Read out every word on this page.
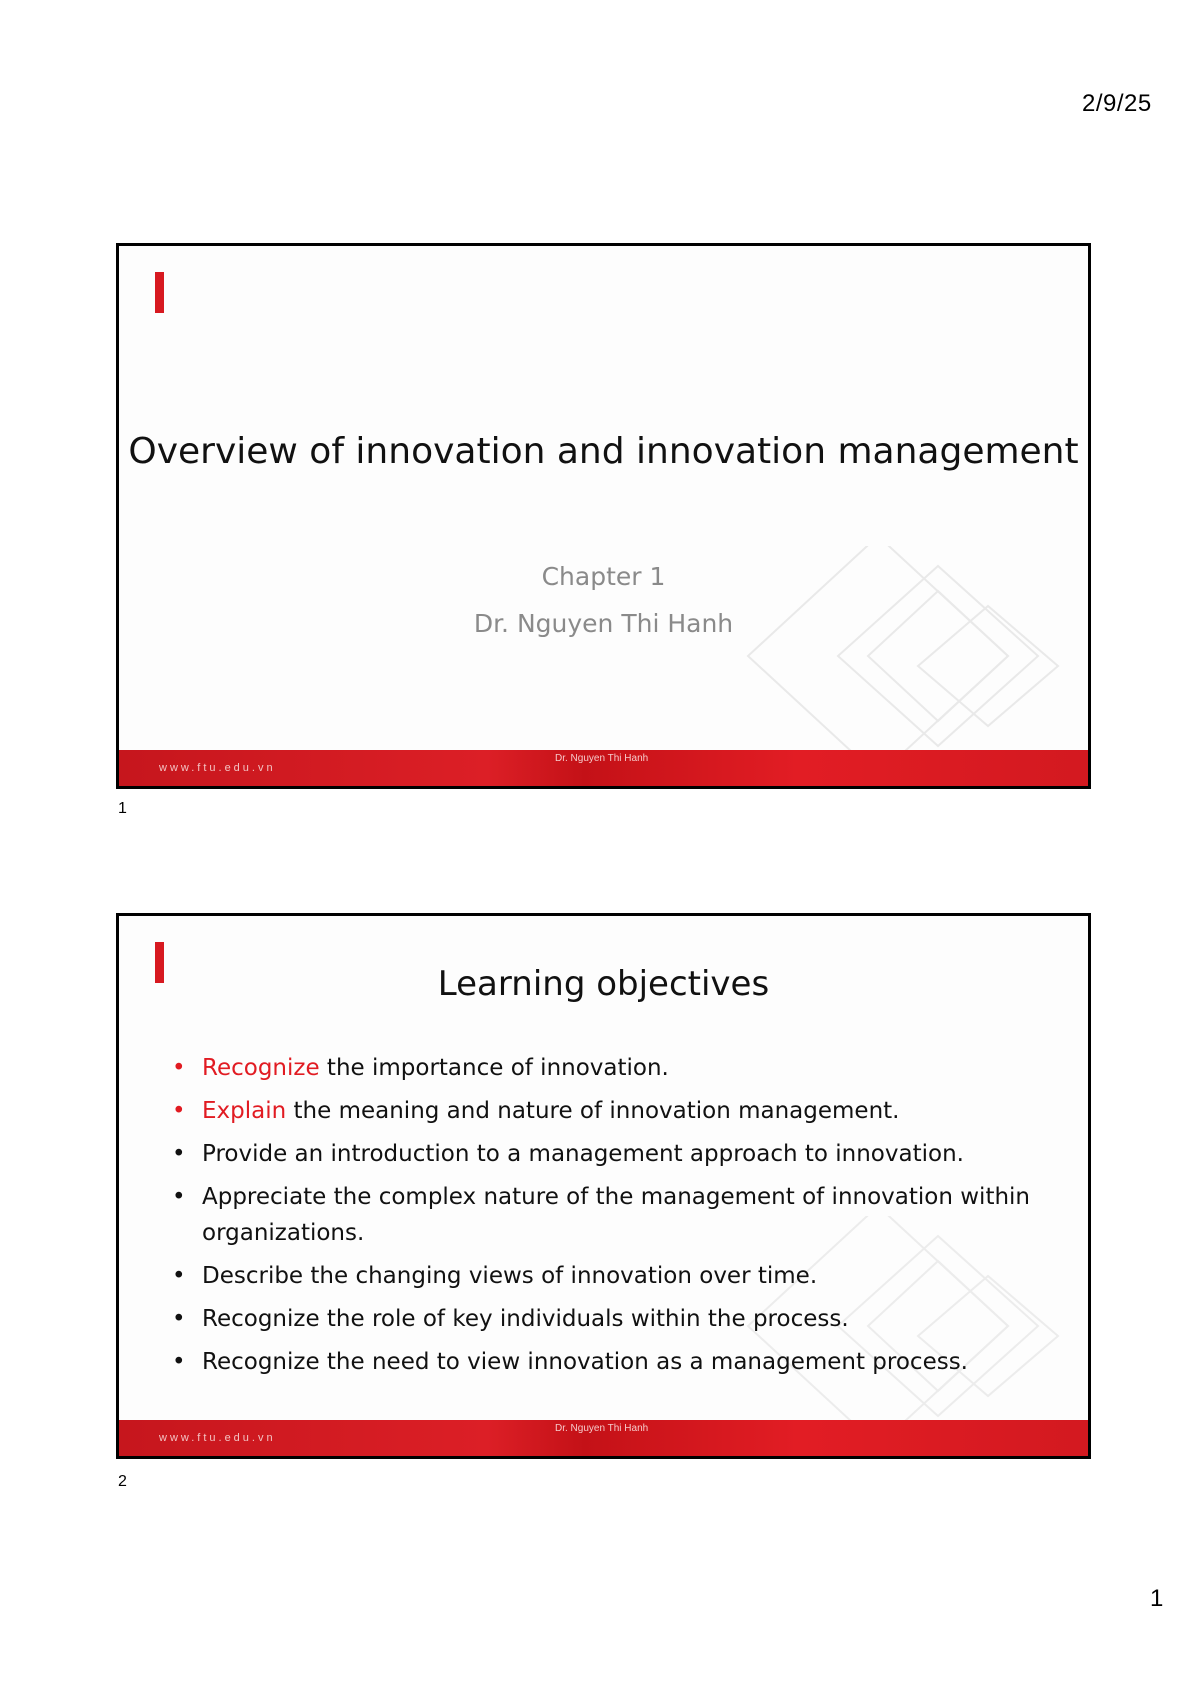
2/9/25
Overview of innovation and innovation management
Chapter 1
Dr. Nguyen Thi Hanh
www.ftu.edu.vn
Dr. Nguyen Thi Hanh
1
Learning objectives
• Recognize the importance of innovation.
• Explain the meaning and nature of innovation management.
• Provide an introduction to a management approach to innovation.
• Appreciate the complex nature of the management of innovation within organizations.
• Describe the changing views of innovation over time.
• Recognize the role of key individuals within the process.
• Recognize the need to view innovation as a management process.
www.ftu.edu.vn
Dr. Nguyen Thi Hanh
2
1
